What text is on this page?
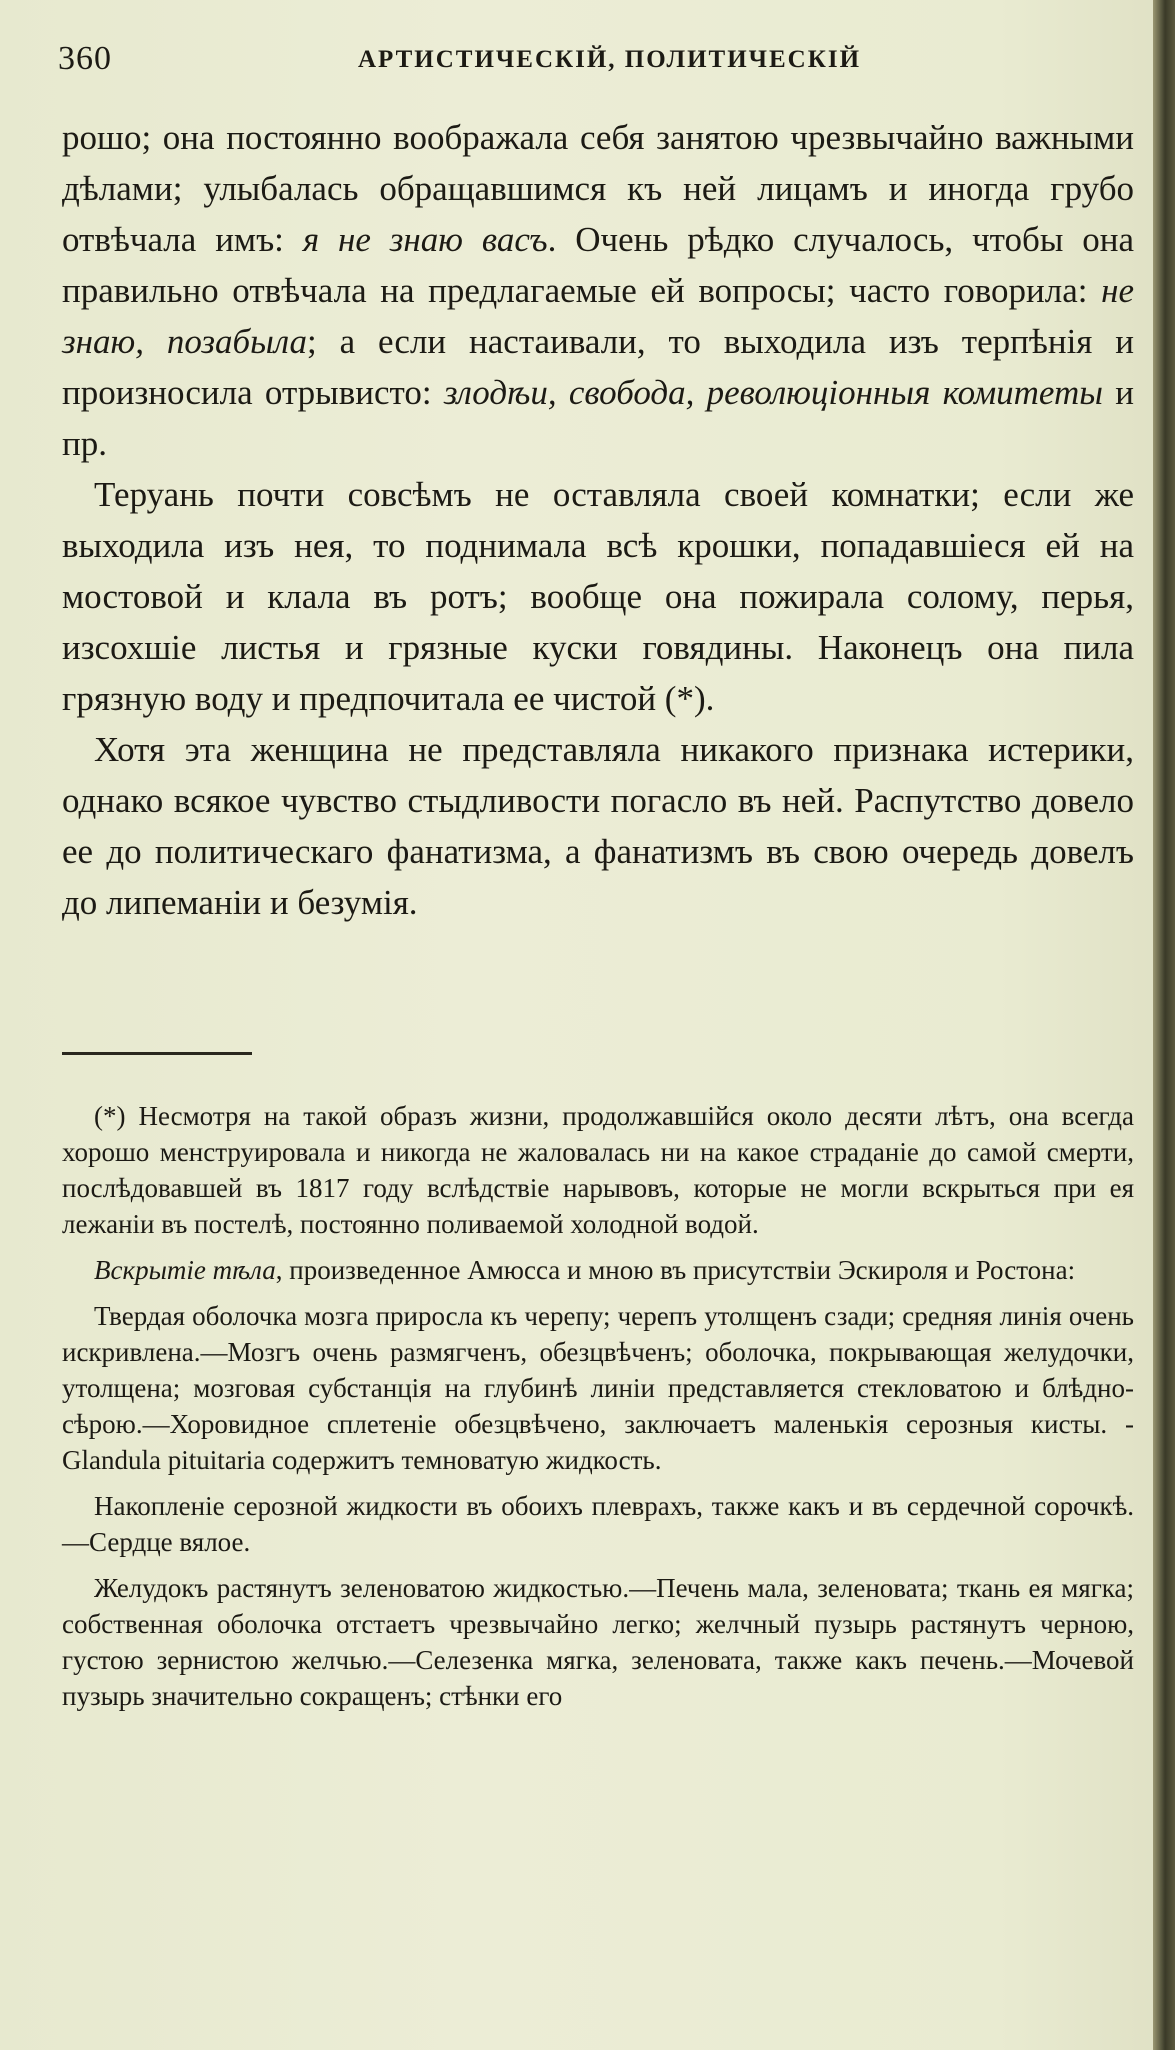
360	АРТИСТИЧЕСКІЙ, ПОЛИТИЧЕСКІЙ

рошо; она постоянно воображала себя занятою чрезвычайно важными дѣлами; улыбалась обращавшимся къ ней лицамъ и иногда грубо отвѣчала имъ: я не знаю васъ. Очень рѣдко случалось, чтобы она правильно отвѣчала на предлагаемые ей вопросы; часто говорила: не знаю, позабыла; а если настаивали, то выходила изъ терпѣнія и произносила отрывисто: злодѣи, свобода, революціонныя комитеты и пр.

Теруань почти совсѣмъ не оставляла своей комнатки; если же выходила изъ нея, то поднимала всѣ крошки, попадавшіеся ей на мостовой и клала въ ротъ; вообще она пожирала солому, перья, изсохшіе листья и грязные куски говядины. Наконецъ она пила грязную воду и предпочитала ее чистой (*).

Хотя эта женщина не представляла никакого признака истерики, однако всякое чувство стыдливости погасло въ ней. Распутство довело ее до политическаго фанатизма, а фанатизмъ въ свою очередь довелъ до липеманіи и безумія.

(*) Несмотря на такой образъ жизни, продолжавшійся около десяти лѣтъ, она всегда хорошо менструировала и никогда не жаловалась ни на какое страданіе до самой смерти, послѣдовавшей въ 1817 году вслѣдствіе нарывовъ, которые не могли вскрыться при ея лежаніи въ постелѣ, постоянно поливаемой холодной водой.

Вскрытіе тѣла, произведенное Амюсса и мною въ присутствіи Эскироля и Ростона:

Твердая оболочка мозга приросла къ черепу; черепъ утолщенъ сзади; средняя линія очень искривлена.—Мозгъ очень размягченъ, обезцвѣченъ; оболочка, покрывающая желудочки, утолщена; мозговая субстанція на глубинѣ линіи представляется стекловатою и блѣдно-сѣрою.—Хоровидное сплетеніе обезцвѣчено, заключаетъ маленькія серозныя кисты. -Glandula pituitaria содержитъ темноватую жидкость.

Накопленіе серозной жидкости въ обоихъ плеврахъ, также какъ и въ сердечной сорочкѣ.—Сердце вялое.

Желудокъ растянутъ зеленоватою жидкостью.—Печень мала, зеленовата; ткань ея мягка; собственная оболочка отстаетъ чрезвычайно легко; желчный пузырь растянутъ черною, густою зернистою желчью.—Селезенка мягка, зеленовата, также какъ печень.—Мочевой пузырь значительно сокращенъ; стѣнки его
